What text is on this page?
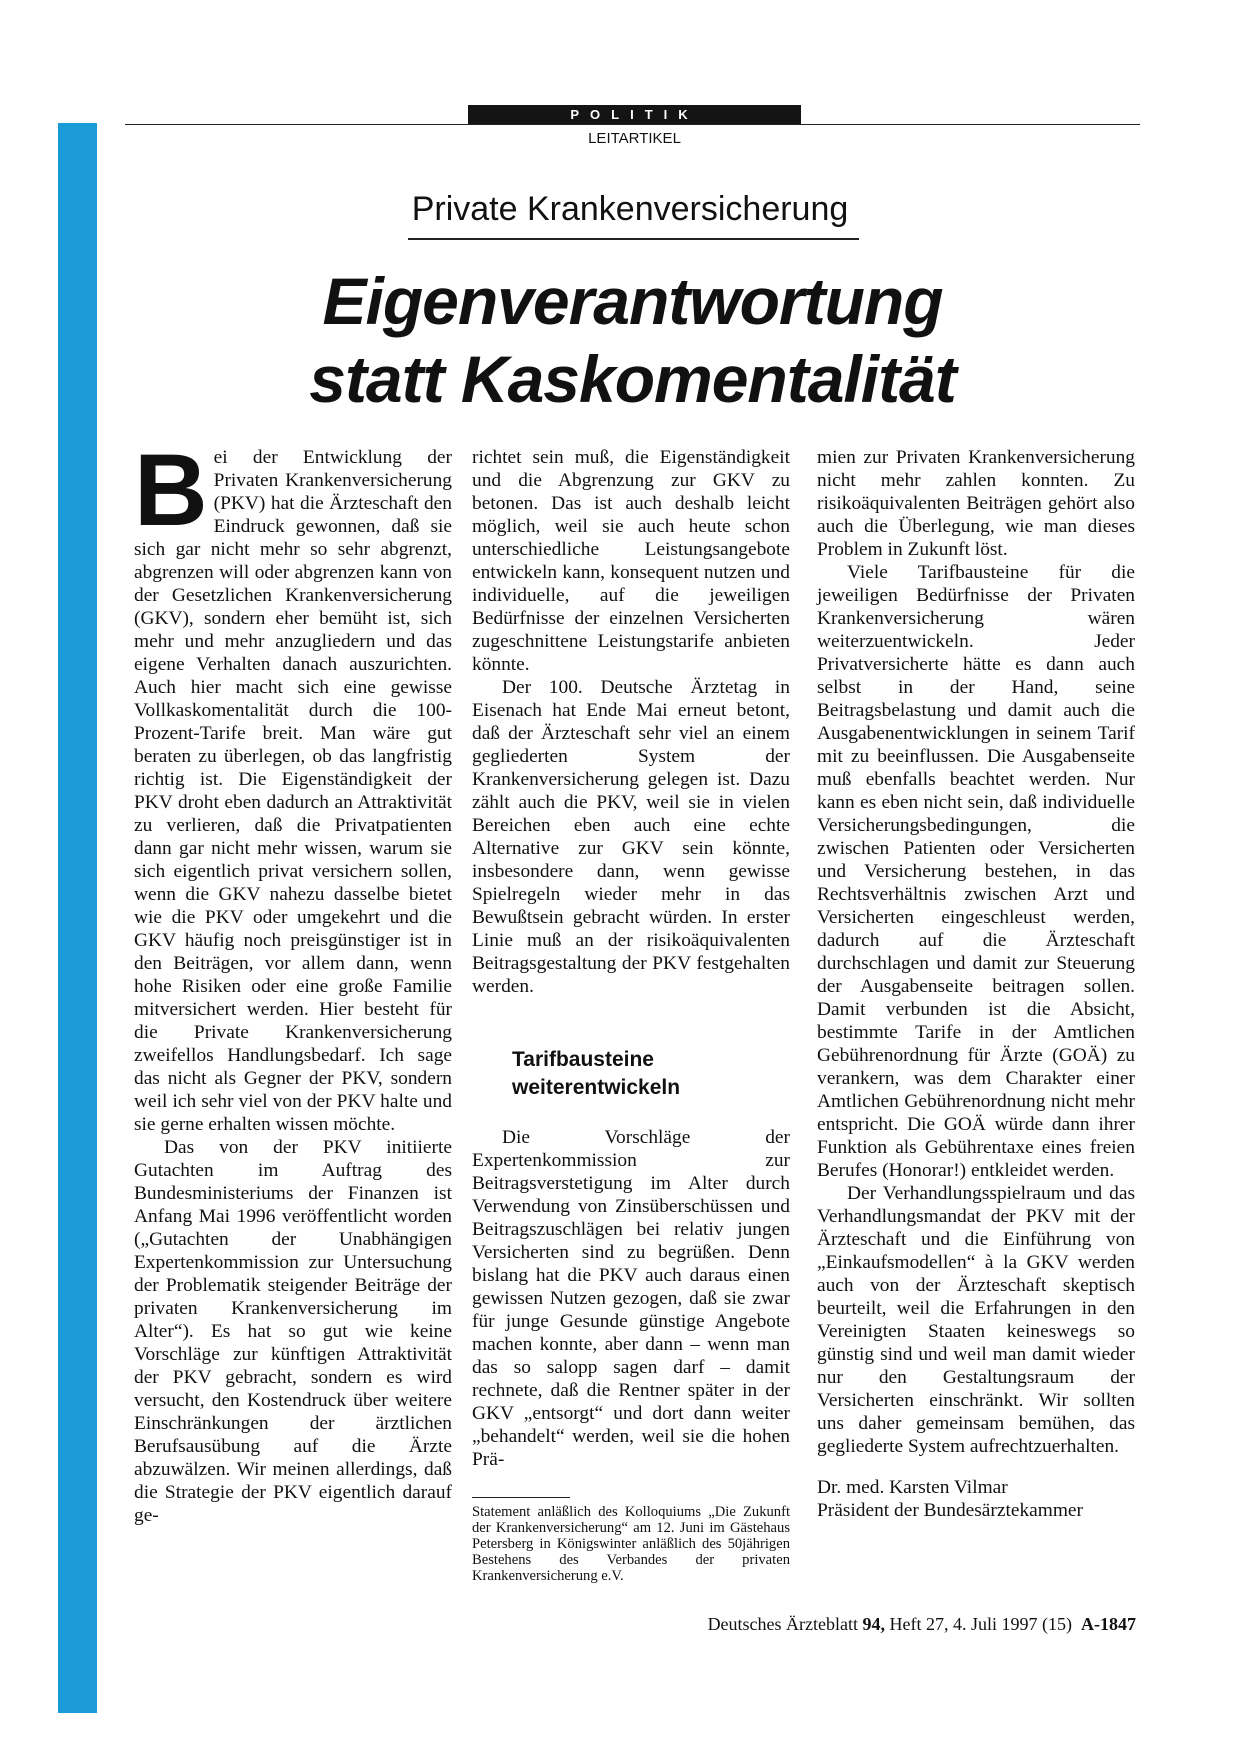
POLITIK
LEITARTIKEL
Private Krankenversicherung
Eigenverantwortung
statt Kaskomentalität

Bei der Entwicklung der Privaten Krankenversicherung (PKV) hat die Ärzteschaft den Eindruck gewonnen, daß sie sich gar nicht mehr so sehr abgrenzt, abgrenzen will oder abgrenzen kann von der Gesetzlichen Krankenversicherung (GKV), sondern eher bemüht ist, sich mehr und mehr anzugliedern und das eigene Verhalten danach auszurichten. Auch hier macht sich eine gewisse Vollkaskomentalität durch die 100-Prozent-Tarife breit. Man wäre gut beraten zu überlegen, ob das langfristig richtig ist. Die Eigenständigkeit der PKV droht eben dadurch an Attraktivität zu verlieren, daß die Privatpatienten dann gar nicht mehr wissen, warum sie sich eigentlich privat versichern sollen, wenn die GKV nahezu dasselbe bietet wie die PKV oder umgekehrt und die GKV häufig noch preisgünstiger ist in den Beiträgen, vor allem dann, wenn hohe Risiken oder eine große Familie mitversichert werden. Hier besteht für die Private Krankenversicherung zweifellos Handlungsbedarf. Ich sage das nicht als Gegner der PKV, sondern weil ich sehr viel von der PKV halte und sie gerne erhalten wissen möchte.

Das von der PKV initiierte Gutachten im Auftrag des Bundesministeriums der Finanzen ist Anfang Mai 1996 veröffentlicht worden („Gutachten der Unabhängigen Expertenkommission zur Untersuchung der Problematik steigender Beiträge der privaten Krankenversicherung im Alter“). Es hat so gut wie keine Vorschläge zur künftigen Attraktivität der PKV gebracht, sondern es wird versucht, den Kostendruck über weitere Einschränkungen der ärztlichen Berufsausübung auf die Ärzte abzuwälzen. Wir meinen allerdings, daß die Strategie der PKV eigentlich darauf ge-

richtet sein muß, die Eigenständigkeit und die Abgrenzung zur GKV zu betonen. Das ist auch deshalb leicht möglich, weil sie auch heute schon unterschiedliche Leistungsangebote entwickeln kann, konsequent nutzen und individuelle, auf die jeweiligen Bedürfnisse der einzelnen Versicherten zugeschnittene Leistungstarife anbieten könnte.

Der 100. Deutsche Ärztetag in Eisenach hat Ende Mai erneut betont, daß der Ärzteschaft sehr viel an einem gegliederten System der Krankenversicherung gelegen ist. Dazu zählt auch die PKV, weil sie in vielen Bereichen eben auch eine echte Alternative zur GKV sein könnte, insbesondere dann, wenn gewisse Spielregeln wieder mehr in das Bewußtsein gebracht würden. In erster Linie muß an der risikoäquivalenten Beitragsgestaltung der PKV festgehalten werden.

Tarifbausteine
weiterentwickeln

Die Vorschläge der Expertenkommission zur Beitragsverstetigung im Alter durch Verwendung von Zinsüberschüssen und Beitragszuschlägen bei relativ jungen Versicherten sind zu begrüßen. Denn bislang hat die PKV auch daraus einen gewissen Nutzen gezogen, daß sie zwar für junge Gesunde günstige Angebote machen konnte, aber dann – wenn man das so salopp sagen darf – damit rechnete, daß die Rentner später in der GKV „entsorgt“ und dort dann weiter „behandelt“ werden, weil sie die hohen Prä-

Statement anläßlich des Kolloquiums „Die Zukunft der Krankenversicherung“ am 12. Juni im Gästehaus Petersberg in Königswinter anläßlich des 50jährigen Bestehens des Verbandes der privaten Krankenversicherung e.V.

mien zur Privaten Krankenversicherung nicht mehr zahlen konnten. Zu risikoäquivalenten Beiträgen gehört also auch die Überlegung, wie man dieses Problem in Zukunft löst.

Viele Tarifbausteine für die jeweiligen Bedürfnisse der Privaten Krankenversicherung wären weiterzuentwickeln. Jeder Privatversicherte hätte es dann auch selbst in der Hand, seine Beitragsbelastung und damit auch die Ausgabenentwicklungen in seinem Tarif mit zu beeinflussen. Die Ausgabenseite muß ebenfalls beachtet werden. Nur kann es eben nicht sein, daß individuelle Versicherungsbedingungen, die zwischen Patienten oder Versicherten und Versicherung bestehen, in das Rechtsverhältnis zwischen Arzt und Versicherten eingeschleust werden, dadurch auf die Ärzteschaft durchschlagen und damit zur Steuerung der Ausgabenseite beitragen sollen. Damit verbunden ist die Absicht, bestimmte Tarife in der Amtlichen Gebührenordnung für Ärzte (GOÄ) zu verankern, was dem Charakter einer Amtlichen Gebührenordnung nicht mehr entspricht. Die GOÄ würde dann ihrer Funktion als Gebührentaxe eines freien Berufes (Honorar!) entkleidet werden.

Der Verhandlungsspielraum und das Verhandlungsmandat der PKV mit der Ärzteschaft und die Einführung von „Einkaufsmodellen“ à la GKV werden auch von der Ärzteschaft skeptisch beurteilt, weil die Erfahrungen in den Vereinigten Staaten keineswegs so günstig sind und weil man damit wieder nur den Gestaltungsraum der Versicherten einschränkt. Wir sollten uns daher gemeinsam bemühen, das gegliederte System aufrechtzuerhalten.

Dr. med. Karsten Vilmar

Präsident der Bundesärztekammer

Deutsches Ärzteblatt 94, Heft 27, 4. Juli 1997 (15) A-1847
